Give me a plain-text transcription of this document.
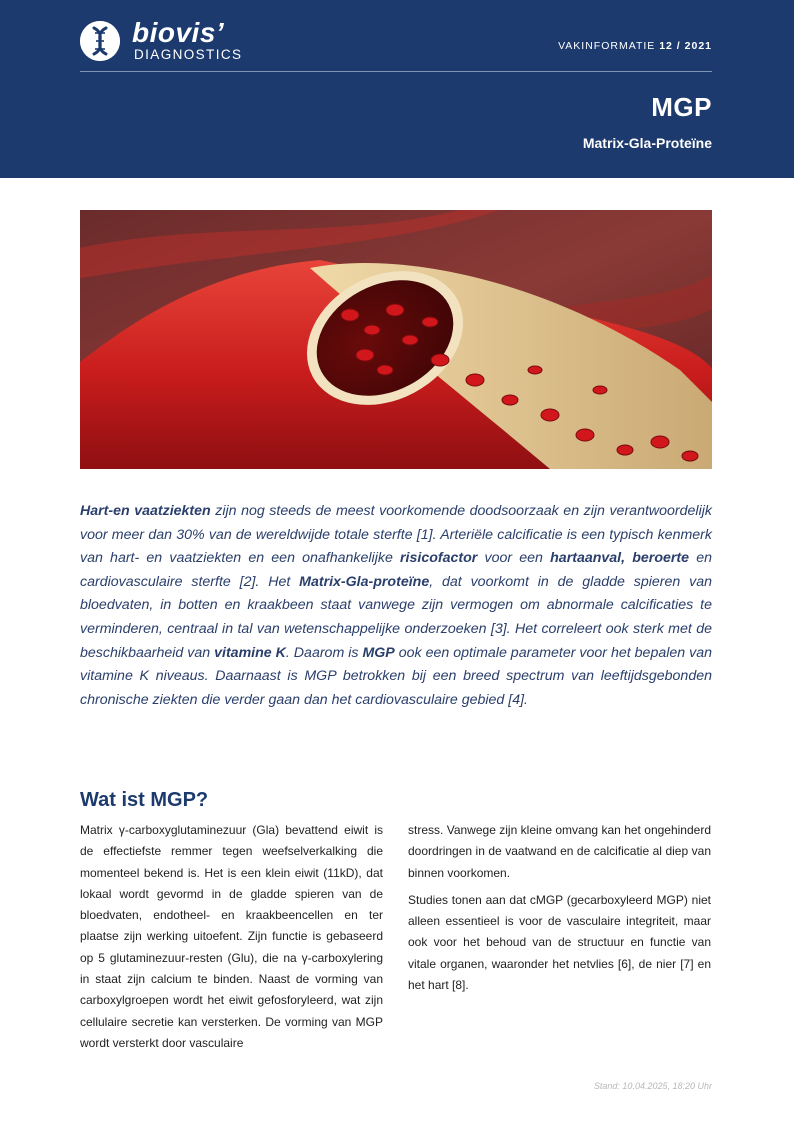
biovis’
DIAGNOSTICS
VAKINFORMATIE 12 / 2021
MGP
Matrix-Gla-Proteïne

Hart-en vaatziekten zijn nog steeds de meest voorkomende doodsoorzaak en zijn verantwoordelijk voor meer dan 30% van de wereldwijde totale sterfte [1]. Arteriële calcificatie is een typisch kenmerk van hart- en vaatziekten en een onafhankelijke risicofactor voor een hartaanval, beroerte en cardiovasculaire sterfte [2]. Het Matrix-Gla-proteïne, dat voorkomt in de gladde spieren van bloedvaten, in botten en kraakbeen staat vanwege zijn vermogen om abnormale calcificaties te verminderen, centraal in tal van wetenschappelijke onderzoeken [3]. Het correleert ook sterk met de beschikbaarheid van vitamine K. Daarom is MGP ook een optimale parameter voor het bepalen van vitamine K niveaus. Daarnaast is MGP betrokken bij een breed spectrum van leeftijdsgebonden chronische ziekten die verder gaan dan het cardiovasculaire gebied [4].

Wat ist MGP?

Matrix γ-carboxyglutaminezuur (Gla) bevattend eiwit is de effectiefste remmer tegen weefselverkalking die momenteel bekend is. Het is een klein eiwit (11kD), dat lokaal wordt gevormd in de gladde spieren van de bloedvaten, endotheel- en kraakbeencellen en ter plaatse zijn werking uitoefent. Zijn functie is gebaseerd op 5 glutaminezuur-resten (Glu), die na γ-carboxylering in staat zijn calcium te binden. Naast de vorming van carboxylgroepen wordt het eiwit gefosforyleerd, wat zijn cellulaire secretie kan versterken. De vorming van MGP wordt versterkt door vasculaire

stress. Vanwege zijn kleine omvang kan het ongehinderd doordringen in de vaatwand en de calcificatie al diep van binnen voorkomen.

Studies tonen aan dat cMGP (gecarboxyleerd MGP) niet alleen essentieel is voor de vasculaire integriteit, maar ook voor het behoud van de structuur en functie van vitale organen, waaronder het netvlies [6], de nier [7] en het hart [8].

Stand: 10.04.2025, 18:20 Uhr
